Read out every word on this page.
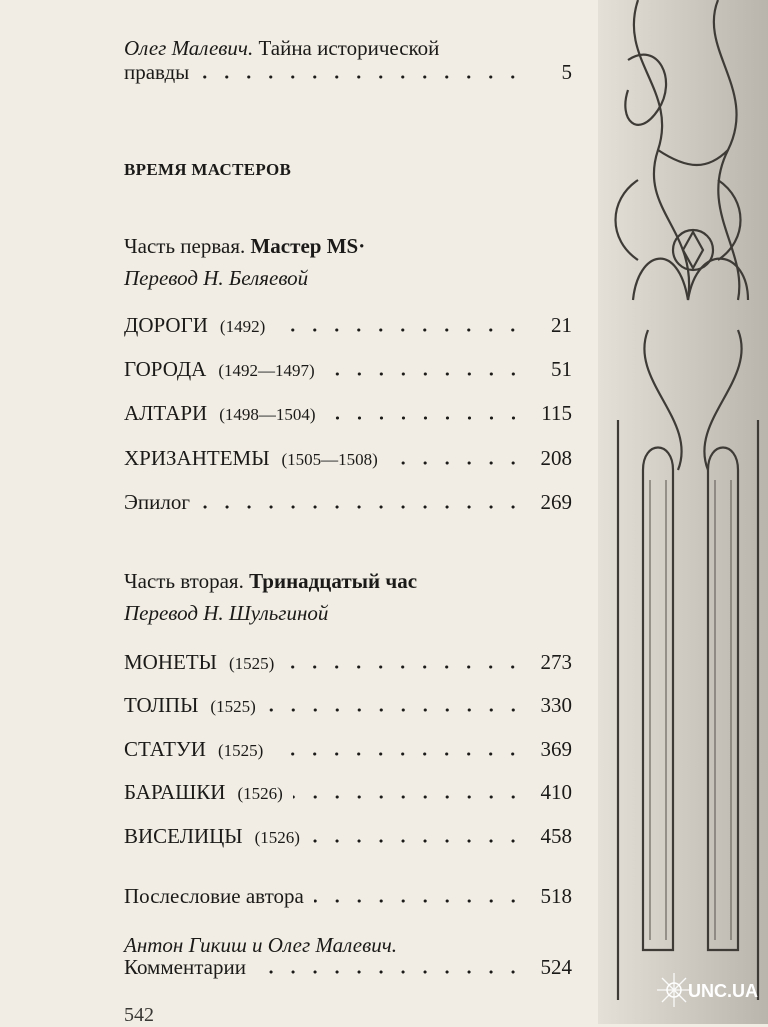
Олег Малевич. Тайна исторической
правды	5
ВРЕМЯ МАСТЕРОВ
Часть первая. Мастер MS·
Перевод Н. Беляевой
ДОРОГИ (1492)	21
ГОРОДА (1492—1497)	51
АЛТАРИ (1498—1504)	115
ХРИЗАНТЕМЫ (1505—1508)	208
Эпилог	269
Часть вторая. Тринадцатый час
Перевод Н. Шульгиной
МОНЕТЫ (1525)	273
ТОЛПЫ (1525)	330
СТАТУИ (1525)	369
БАРАШКИ (1526)	410
ВИСЕЛИЦЫ (1526)	458
Послесловие автора	518
Антон Гикиш и Олег Малевич.
Комментарии	524
542
UNC.UA
